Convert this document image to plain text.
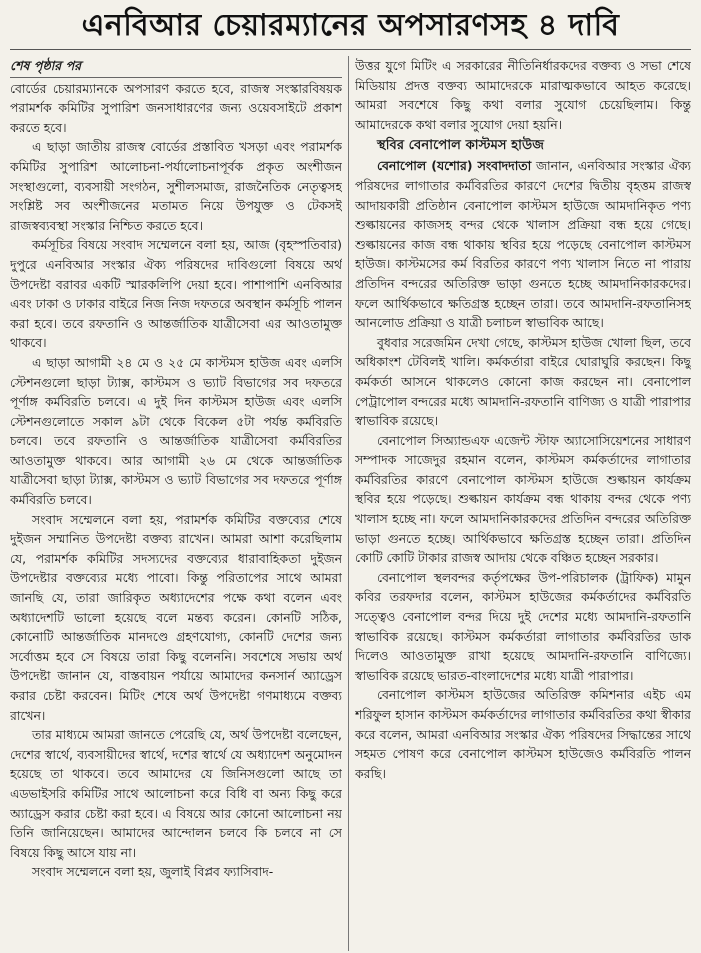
এনবিআর চেয়ারম্যানের অপসারণসহ ৪ দাবি

শেষ পৃষ্ঠার পর

বোর্ডের চেয়ারম্যানকে অপসারণ করতে হবে, রাজস্ব সংস্কারবিষয়ক পরামর্শক কমিটির সুপারিশ জনসাধারণের জন্য ওয়েবসাইটে প্রকাশ করতে হবে।

এ ছাড়া জাতীয় রাজস্ব বোর্ডের প্রস্তাবিত খসড়া এবং পরামর্শক কমিটির সুপারিশ আলোচনা-পর্যালোচনাপূর্বক প্রকৃত অংশীজন সংস্থাগুলো, ব্যবসায়ী সংগঠন, সুশীলসমাজ, রাজনৈতিক নেতৃত্বসহ সংশ্লিষ্ট সব অংশীজনের মতামত নিয়ে উপযুক্ত ও টেকসই রাজস্বব্যবস্থা সংস্কার নিশ্চিত করতে হবে।

কর্মসূচির বিষয়ে সংবাদ সম্মেলনে বলা হয়, আজ (বৃহস্পতিবার) দুপুরে এনবিআর সংস্কার ঐক্য পরিষদের দাবিগুলো বিষয়ে অর্থ উপদেষ্টা বরাবর একটি স্মারকলিপি দেয়া হবে। পাশাপাশি এনবিআর এবং ঢাকা ও ঢাকার বাইরে নিজ নিজ দফতরে অবস্থান কর্মসূচি পালন করা হবে। তবে রফতানি ও আন্তর্জাতিক যাত্রীসেবা এর আওতামুক্ত থাকবে।

এ ছাড়া আগামী ২৪ মে ও ২৫ মে কাস্টমস হাউজ এবং এলসি স্টেশনগুলো ছাড়া ট্যাক্স, কাস্টমস ও ভ্যাট বিভাগের সব দফতরে পূর্ণাঙ্গ কর্মবিরতি চলবে। এ দুই দিন কাস্টমস হাউজ এবং এলসি স্টেশনগুলোতে সকাল ৯টা থেকে বিকেল ৫টা পর্যন্ত কর্মবিরতি চলবে। তবে রফতানি ও আন্তর্জাতিক যাত্রীসেবা কর্মবিরতির আওতামুক্ত থাকবে। আর আগামী ২৬ মে থেকে আন্তর্জাতিক যাত্রীসেবা ছাড়া ট্যাক্স, কাস্টমস ও ভ্যাট বিভাগের সব দফতরে পূর্ণাঙ্গ কর্মবিরতি চলবে।

সংবাদ সম্মেলনে বলা হয়, পরামর্শক কমিটির বক্তব্যের শেষে দুইজন সম্মানিত উপদেষ্টা বক্তব্য রাখেন। আমরা আশা করেছিলাম যে, পরামর্শক কমিটির সদস্যদের বক্তব্যের ধারাবাহিকতা দুইজন উপদেষ্টার বক্তব্যের মধ্যে পাবো। কিন্তু পরিতাপের সাথে আমরা জানছি যে, তারা জারিকৃত অধ্যাদেশের পক্ষে কথা বলেন এবং অধ্যাদেশটি ভালো হয়েছে বলে মন্তব্য করেন। কোনটি সঠিক, কোনোটি আন্তর্জাতিক মানদণ্ডে গ্রহণযোগ্য, কোনটি দেশের জন্য সর্বোত্তম হবে সে বিষয়ে তারা কিছু বলেননি। সবশেষে সভায় অর্থ উপদেষ্টা জানান যে, বাস্তবায়ন পর্যায়ে আমাদের কনসার্ন অ্যাড্রেস করার চেষ্টা করবেন। মিটিং শেষে অর্থ উপদেষ্টা গণমাধ্যমে বক্তব্য রাখেন।

তার মাধ্যমে আমরা জানতে পেরেছি যে, অর্থ উপদেষ্টা বলেছেন, দেশের স্বার্থে, ব্যবসায়ীদের স্বার্থে, দশের স্বার্থে যে অধ্যাদেশ অনুমোদন হয়েছে তা থাকবে। তবে আমাদের যে জিনিসগুলো আছে তা এডভাইসরি কমিটির সাথে আলোচনা করে বিধি বা অন্য কিছু করে অ্যাড্রেস করার চেষ্টা করা হবে। এ বিষয়ে আর কোনো আলোচনা নয় তিনি জানিয়েছেন। আমাদের আন্দোলন চলবে কি চলবে না সে বিষয়ে কিছু আসে যায় না।

সংবাদ সম্মেলনে বলা হয়, জুলাই বিপ্লব ফ্যাসিবাদ-

উত্তর যুগে মিটিং এ সরকারের নীতিনির্ধারকদের বক্তব্য ও সভা শেষে মিডিয়ায় প্রদত্ত বক্তব্য আমাদেরকে মারাত্মকভাবে আহত করেছে। আমরা সবশেষে কিছু কথা বলার সুযোগ চেয়েছিলাম। কিন্তু আমাদেরকে কথা বলার সুযোগ দেয়া হয়নি।

স্থবির বেনাপোল কাস্টমস হাউজ

বেনাপোল (যশোর) সংবাদদাতা জানান, এনবিআর সংস্কার ঐক্য পরিষদের লাগাতার কর্মবিরতির কারণে দেশের দ্বিতীয় বৃহত্তম রাজস্ব আদায়কারী প্রতিষ্ঠান বেনাপোল কাস্টমস হাউজে আমদানিকৃত পণ্য শুল্কায়নের কাজসহ বন্দর থেকে খালাস প্রক্রিয়া বন্ধ হয়ে গেছে। শুল্কায়নের কাজ বন্ধ থাকায় স্থবির হয়ে পড়েছে বেনাপোল কাস্টমস হাউজ। কাস্টমসের কর্ম বিরতির কারণে পণ্য খালাস নিতে না পারায় প্রতিদিন বন্দরের অতিরিক্ত ভাড়া গুনতে হচ্ছে আমদানিকারকদের। ফলে আর্থিকভাবে ক্ষতিগ্রস্ত হচ্ছেন তারা। তবে আমদানি-রফতানিসহ আনলোড প্রক্রিয়া ও যাত্রী চলাচল স্বাভাবিক আছে।

বুধবার সরেজমিন দেখা গেছে, কাস্টমস হাউজ খোলা ছিল, তবে অধিকাংশ টেবিলই খালি। কর্মকর্তারা বাইরে ঘোরাঘুরি করছেন। কিছু কর্মকর্তা আসনে থাকলেও কোনো কাজ করছেন না। বেনাপোল পেট্রাপোল বন্দরের মধ্যে আমদানি-রফতানি বাণিজ্য ও যাত্রী পারাপার স্বাভাবিক রয়েছে।

বেনাপোল সিঅ্যান্ডএফ এজেন্ট স্টাফ অ্যাসোসিয়েশনের সাধারণ সম্পাদক সাজেদুর রহমান বলেন, কাস্টমস কর্মকর্তাদের লাগাতার কর্মবিরতির কারণে বেনাপোল কাস্টমস হাউজে শুল্কায়ন কার্যক্রম স্থবির হয়ে পড়েছে। শুল্কায়ন কার্যক্রম বন্ধ থাকায় বন্দর থেকে পণ্য খালাস হচ্ছে না। ফলে আমদানিকারকদের প্রতিদিন বন্দরের অতিরিক্ত ভাড়া গুনতে হচ্ছে। আর্থিকভাবে ক্ষতিগ্রস্ত হচ্ছেন তারা। প্রতিদিন কোটি কোটি টাকার রাজস্ব আদায় থেকে বঞ্চিত হচ্ছেন সরকার।

বেনাপোল স্থলবন্দর কর্তৃপক্ষের উপ-পরিচালক (ট্রাফিক) মামুন কবির তরফদার বলেন, কাস্টমস হাউজের কর্মকর্তাদের কর্মবিরতি সত্ত্বেও বেনাপোল বন্দর দিয়ে দুই দেশের মধ্যে আমদানি-রফতানি স্বাভাবিক রয়েছে। কাস্টমস কর্মকর্তারা লাগাতার কর্মবিরতির ডাক দিলেও আওতামুক্ত রাখা হয়েছে আমদানি-রফতানি বাণিজ্যে। স্বাভাবিক রয়েছে ভারত-বাংলাদেশের মধ্যে যাত্রী পারাপার।

বেনাপোল কাস্টমস হাউজের অতিরিক্ত কমিশনার এইচ এম শরিফুল হাসান কাস্টমস কর্মকর্তাদের লাগাতার কর্মবিরতির কথা স্বীকার করে বলেন, আমরা এনবিআর সংস্কার ঐক্য পরিষদের সিদ্ধান্তের সাথে সহমত পোষণ করে বেনাপোল কাস্টমস হাউজেও কর্মবিরতি পালন করছি।
